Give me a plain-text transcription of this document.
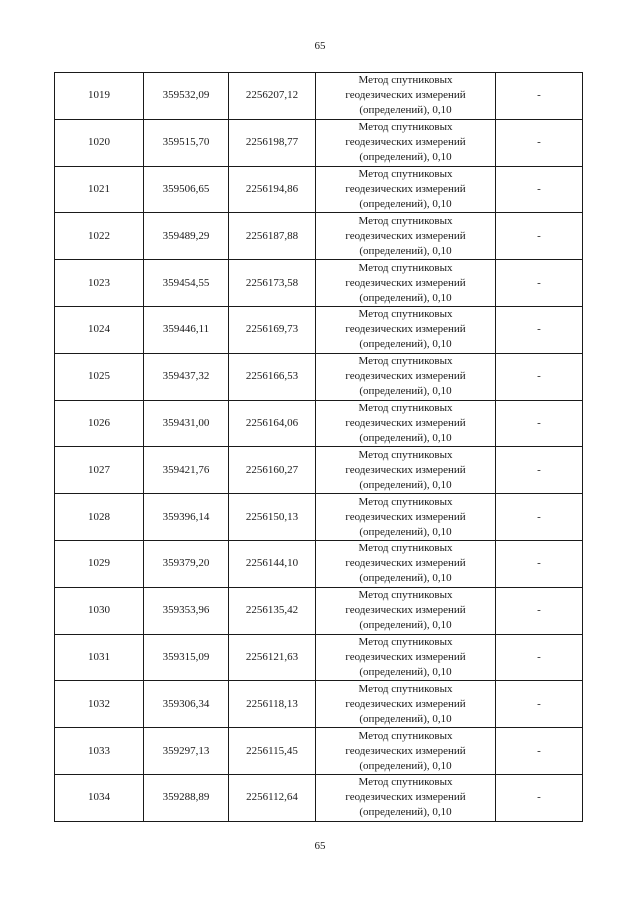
65
1019	359532,09	2256207,12	Метод спутниковых
геодезических измерений
(определений), 0,10	-
1020	359515,70	2256198,77	Метод спутниковых
геодезических измерений
(определений), 0,10	-
1021	359506,65	2256194,86	Метод спутниковых
геодезических измерений
(определений), 0,10	-
1022	359489,29	2256187,88	Метод спутниковых
геодезических измерений
(определений), 0,10	-
1023	359454,55	2256173,58	Метод спутниковых
геодезических измерений
(определений), 0,10	-
1024	359446,11	2256169,73	Метод спутниковых
геодезических измерений
(определений), 0,10	-
1025	359437,32	2256166,53	Метод спутниковых
геодезических измерений
(определений), 0,10	-
1026	359431,00	2256164,06	Метод спутниковых
геодезических измерений
(определений), 0,10	-
1027	359421,76	2256160,27	Метод спутниковых
геодезических измерений
(определений), 0,10	-
1028	359396,14	2256150,13	Метод спутниковых
геодезических измерений
(определений), 0,10	-
1029	359379,20	2256144,10	Метод спутниковых
геодезических измерений
(определений), 0,10	-
1030	359353,96	2256135,42	Метод спутниковых
геодезических измерений
(определений), 0,10	-
1031	359315,09	2256121,63	Метод спутниковых
геодезических измерений
(определений), 0,10	-
1032	359306,34	2256118,13	Метод спутниковых
геодезических измерений
(определений), 0,10	-
1033	359297,13	2256115,45	Метод спутниковых
геодезических измерений
(определений), 0,10	-
1034	359288,89	2256112,64	Метод спутниковых
геодезических измерений
(определений), 0,10	-
65
